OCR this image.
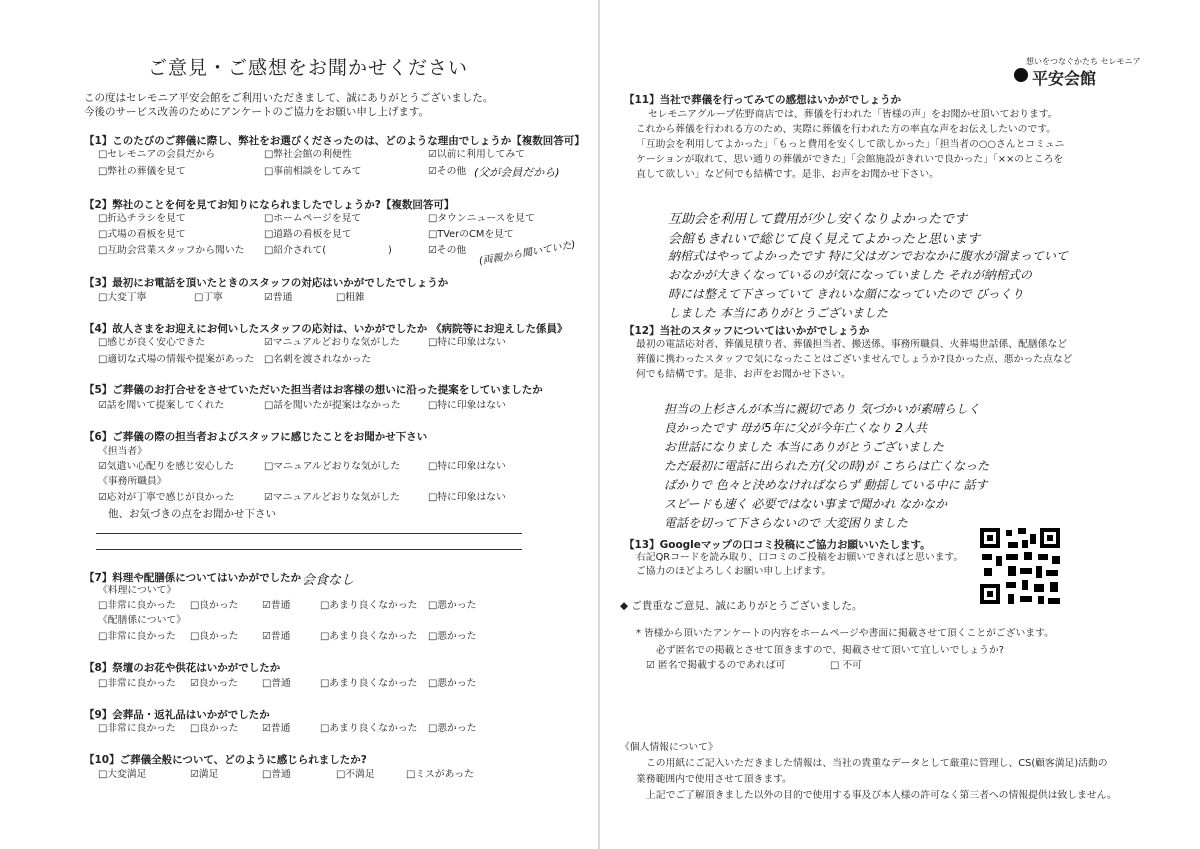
ご意見・ご感想をお聞かせください
この度はセレモニア平安会館をご利用いただきまして、誠にありがとうございました。
今後のサービス改善のためにアンケートのご協力をお願い申し上げます。
【1】このたびのご葬儀に際し、弊社をお選びくださったのは、どのような理由でしょうか【複数回答可】
□セレモニアの会員だから	□弊社会館の利便性	☑以前に利用してみて
□弊社の葬儀を見て	□事前相談をしてみて	☑その他 (父が会員だから)
【2】弊社のことを何を見てお知りになられましたでしょうか?【複数回答可】
□折込チラシを見て	□ホームページを見て	□タウンニュースを見て
□式場の看板を見て	□道路の看板を見て	□TVerのCMを見て
□互助会営業スタッフから聞いた □紹介されて(	)	☑その他 (両親から聞いていた)
【3】最初にお電話を頂いたときのスタッフの対応はいかがでしたでしょうか
□大変丁寧	□丁寧	☑普通	□粗雑
【4】故人さまをお迎えにお伺いしたスタッフの応対は、いかがでしたか 《病院等にお迎えした係員》
□感じが良く安心できた	☑マニュアルどおりな気がした	□特に印象はない
□適切な式場の情報や提案があった □名刺を渡されなかった
【5】ご葬儀のお打合せをさせていただいた担当者はお客様の想いに沿った提案をしていましたか
☑話を聞いて提案してくれた	□話を聞いたが提案はなかった	□特に印象はない
【6】ご葬儀の際の担当者およびスタッフに感じたことをお聞かせ下さい
《担当者》
☑気遣い心配りを感じ安心した	□マニュアルどおりな気がした	□特に印象はない
《事務所職員》
☑応対が丁寧で感じが良かった	☑マニュアルどおりな気がした	□特に印象はない
他、お気づきの点をお聞かせ下さい
【7】料理や配膳係についてはいかがでしたか 会食なし
《料理について》
□非常に良かった □良かった ☑普通	□あまり良くなかった □悪かった
《配膳係について》
□非常に良かった □良かった ☑普通	□あまり良くなかった □悪かった
【8】祭壇のお花や供花はいかがでしたか
□非常に良かった ☑良かった □普通	□あまり良くなかった □悪かった
【9】会葬品・返礼品はいかがでしたか
□非常に良かった □良かった ☑普通	□あまり良くなかった □悪かった
【10】ご葬儀全般について、どのように感じられましたか?
□大変満足	☑満足	□普通	□不満足	□ミスがあった
想いをつなぐかたち セレモニア
平安会館
【11】当社で葬儀を行ってみての感想はいかがでしょうか
セレモニアグループ佐野商店では、葬儀を行われた「皆様の声」をお聞かせ頂いております。
これから葬儀を行われる方のため、実際に葬儀を行われた方の率直な声をお伝えしたいのです。
「互助会を利用してよかった」「もっと費用を安くして欲しかった」「担当者の○○さんとコミュニ
ケーションが取れて、思い通りの葬儀ができた」「会館施設がきれいで良かった」「××のところを
直して欲しい」など何でも結構です。是非、お声をお聞かせ下さい。
互助会を利用して費用が少し安くなりよかったです
会館もきれいで総じて良く見えてよかったと思います
納棺式はやってよかったです 特に父はガンでおなかに腹水が溜まっていて
おなかが大きくなっているのが気になっていました それが納棺式の
時には整えて下さっていて きれいな顔になっていたので びっくり
しました 本当にありがとうございました
【12】当社のスタッフについてはいかがでしょうか
最初の電話応対者、葬儀見積り者、葬儀担当者、搬送係、事務所職員、火葬場世話係、配膳係など
葬儀に携わったスタッフで気になったことはございませんでしょうか?良かった点、悪かった点など
何でも結構です。是非、お声をお聞かせ下さい。
担当の上杉さんが本当に親切であり 気づかいが素晴らしく
良かったです 母が5年に父が今年亡くなり 2人共
お世話になりました 本当にありがとうございました
ただ最初に電話に出られた方(父の時)が こちらは亡くなった
ばかりで 色々と決めなければならず 動揺している中に 話す
スピードも速く 必要ではない事まで聞かれ なかなか
電話を切って下さらないので 大変困りました
【13】Googleマップの口コミ投稿にご協力お願いいたします。
右記QRコードを読み取り、口コミのご投稿をお願いできればと思います。
ご協力のほどよろしくお願い申し上げます。
◆ ご貴重なご意見、誠にありがとうございました。
* 皆様から頂いたアンケートの内容をホームページや書面に掲載させて頂くことがございます。
必ず匿名での掲載とさせて頂きますので、掲載させて頂いて宜しいでしょうか?
☑ 匿名で掲載するのであれば可	□ 不可
《個人情報について》
この用紙にご記入いただきました情報は、当社の貴重なデータとして厳重に管理し、CS(顧客満足)活動の
業務範囲内で使用させて頂きます。
上記でご了解頂きました以外の目的で使用する事及び本人様の許可なく第三者への情報提供は致しません。
